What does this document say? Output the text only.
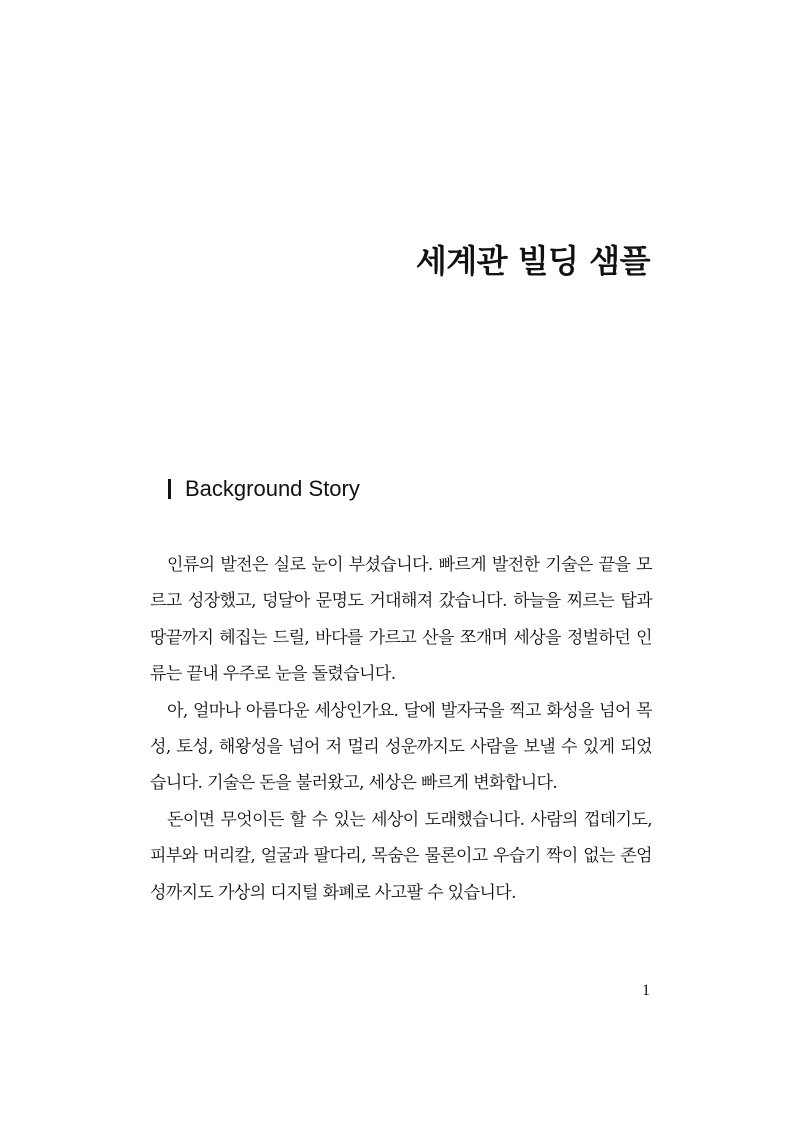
세계관 빌딩 샘플
Background Story

인류의 발전은 실로 눈이 부셨습니다. 빠르게 발전한 기술은 끝을 모르고 성장했고, 덩달아 문명도 거대해져 갔습니다. 하늘을 찌르는 탑과 땅끝까지 헤집는 드릴, 바다를 가르고 산을 쪼개며 세상을 정벌하던 인류는 끝내 우주로 눈을 돌렸습니다.

아, 얼마나 아름다운 세상인가요. 달에 발자국을 찍고 화성을 넘어 목성, 토성, 해왕성을 넘어 저 멀리 성운까지도 사람을 보낼 수 있게 되었습니다. 기술은 돈을 불러왔고, 세상은 빠르게 변화합니다.

돈이면 무엇이든 할 수 있는 세상이 도래했습니다. 사람의 껍데기도, 피부와 머리칼, 얼굴과 팔다리, 목숨은 물론이고 우습기 짝이 없는 존엄성까지도 가상의 디지털 화폐로 사고팔 수 있습니다.

1
